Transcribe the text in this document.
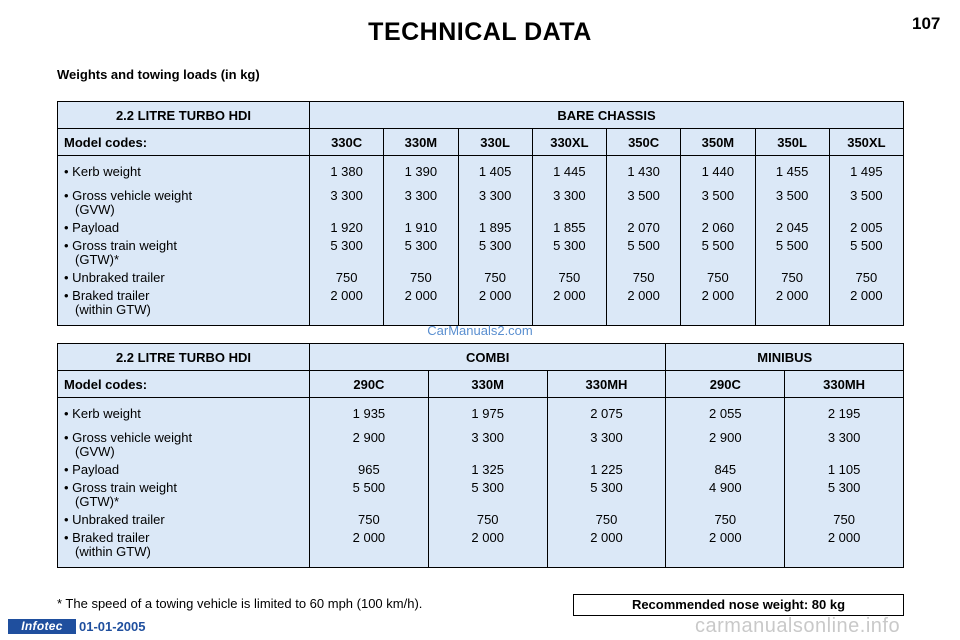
TECHNICAL DATA	107
Weights and towing loads (in kg)
2.2 LITRE TURBO HDI	BARE CHASSIS							
Model codes:	330C	330M	330L	330XL	350C	350M	350L	350XL
• Kerb weight	1 380	1 390	1 405	1 445	1 430	1 440	1 455	1 495
• Gross vehicle weight
(GVW)	3 300	3 300	3 300	3 300	3 500	3 500	3 500	3 500
• Payload	1 920	1 910	1 895	1 855	2 070	2 060	2 045	2 005
• Gross train weight
(GTW)*	5 300	5 300	5 300	5 300	5 500	5 500	5 500	5 500
• Unbraked trailer	750	750	750	750	750	750	750	750
• Braked trailer
(within GTW)	2 000	2 000	2 000	2 000	2 000	2 000	2 000	2 000
CarManuals2.com
2.2 LITRE TURBO HDI	COMBI			MINIBUS	
Model codes:	290C	330M	330MH	290C	330MH
• Kerb weight	1 935	1 975	2 075	2 055	2 195
• Gross vehicle weight
(GVW)	2 900	3 300	3 300	2 900	3 300
• Payload	965	1 325	1 225	845	1 105
• Gross train weight
(GTW)*	5 500	5 300	5 300	4 900	5 300
• Unbraked trailer	750	750	750	750	750
• Braked trailer
(within GTW)	2 000	2 000	2 000	2 000	2 000
* The speed of a towing vehicle is limited to 60 mph (100 km/h).	Recommended nose weight: 80 kg
Infotec	01-01-2005	carmanualsonline.info
